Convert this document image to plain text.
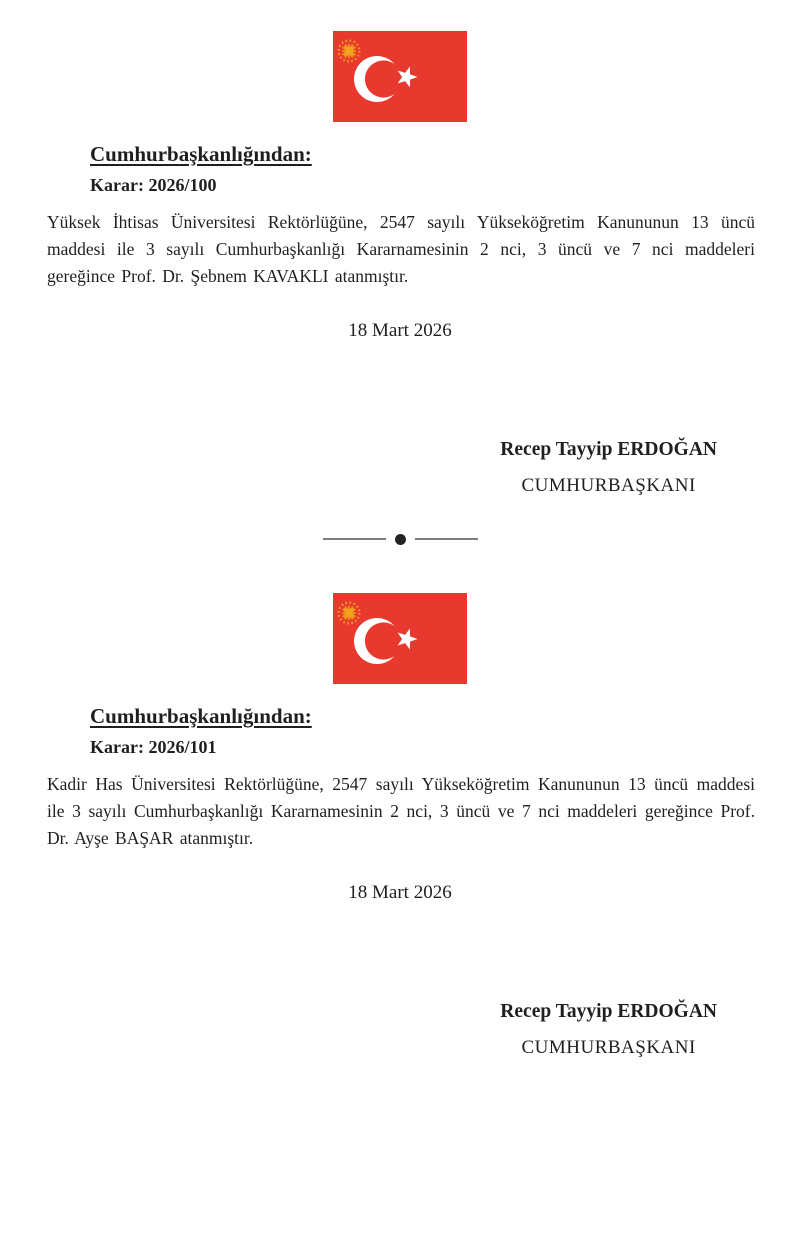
Cumhurbaşkanlığından:

Karar: 2026/100

Yüksek İhtisas Üniversitesi Rektörlüğüne, 2547 sayılı Yükseköğretim Kanununun 13 üncü maddesi ile 3 sayılı Cumhurbaşkanlığı Kararnamesinin 2 nci, 3 üncü ve 7 nci maddeleri gereğince Prof. Dr. Şebnem KAVAKLI atanmıştır.

18 Mart 2026

Recep Tayyip ERDOĞAN
CUMHURBAŞKANI
Cumhurbaşkanlığından:

Karar: 2026/101

Kadir Has Üniversitesi Rektörlüğüne, 2547 sayılı Yükseköğretim Kanununun 13 üncü maddesi ile 3 sayılı Cumhurbaşkanlığı Kararnamesinin 2 nci, 3 üncü ve 7 nci maddeleri gereğince Prof. Dr. Ayşe BAŞAR atanmıştır.

18 Mart 2026

Recep Tayyip ERDOĞAN
CUMHURBAŞKANI
